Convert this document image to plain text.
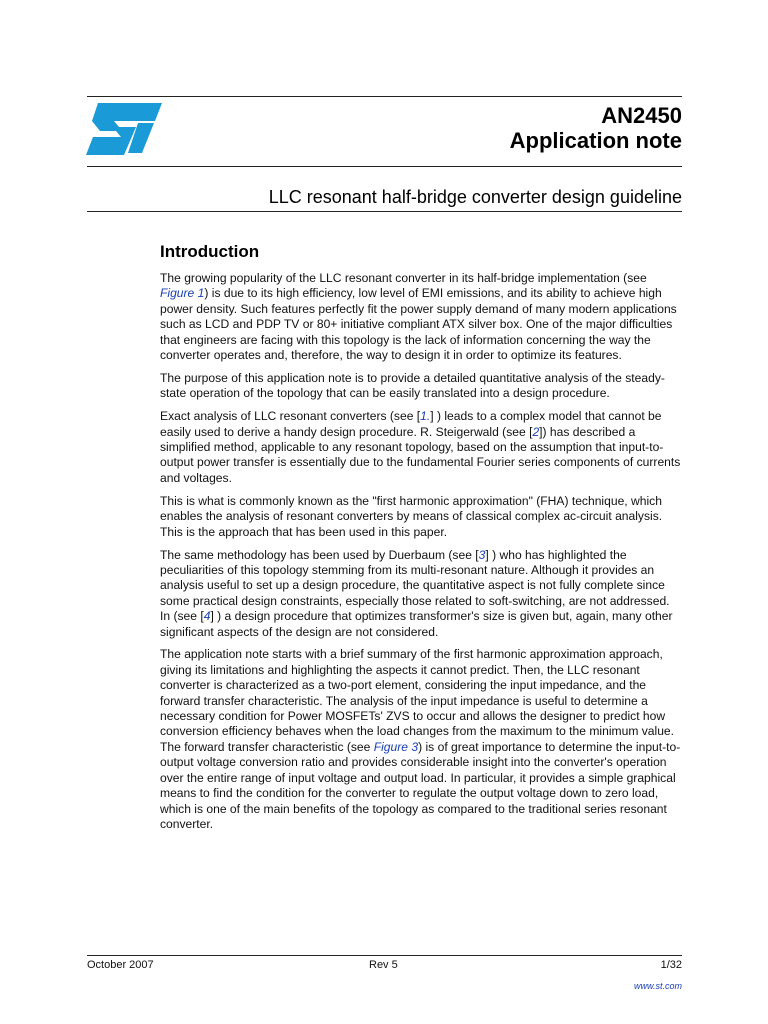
AN2450
Application note
LLC resonant half-bridge converter design guideline
Introduction

The growing popularity of the LLC resonant converter in its half-bridge implementation (see Figure 1) is due to its high efficiency, low level of EMI emissions, and its ability to achieve high power density. Such features perfectly fit the power supply demand of many modern applications such as LCD and PDP TV or 80+ initiative compliant ATX silver box. One of the major difficulties that engineers are facing with this topology is the lack of information concerning the way the converter operates and, therefore, the way to design it in order to optimize its features.

The purpose of this application note is to provide a detailed quantitative analysis of the steady-state operation of the topology that can be easily translated into a design procedure.

Exact analysis of LLC resonant converters (see [1.] ) leads to a complex model that cannot be easily used to derive a handy design procedure. R. Steigerwald (see [2]) has described a simplified method, applicable to any resonant topology, based on the assumption that input-to-output power transfer is essentially due to the fundamental Fourier series components of currents and voltages.

This is what is commonly known as the "first harmonic approximation" (FHA) technique, which enables the analysis of resonant converters by means of classical complex ac-circuit analysis. This is the approach that has been used in this paper.

The same methodology has been used by Duerbaum (see [3] ) who has highlighted the peculiarities of this topology stemming from its multi-resonant nature. Although it provides an analysis useful to set up a design procedure, the quantitative aspect is not fully complete since some practical design constraints, especially those related to soft-switching, are not addressed. In (see [4] ) a design procedure that optimizes transformer's size is given but, again, many other significant aspects of the design are not considered.

The application note starts with a brief summary of the first harmonic approximation approach, giving its limitations and highlighting the aspects it cannot predict. Then, the LLC resonant converter is characterized as a two-port element, considering the input impedance, and the forward transfer characteristic. The analysis of the input impedance is useful to determine a necessary condition for Power MOSFETs' ZVS to occur and allows the designer to predict how conversion efficiency behaves when the load changes from the maximum to the minimum value. The forward transfer characteristic (see Figure 3) is of great importance to determine the input-to-output voltage conversion ratio and provides considerable insight into the converter's operation over the entire range of input voltage and output load. In particular, it provides a simple graphical means to find the condition for the converter to regulate the output voltage down to zero load, which is one of the main benefits of the topology as compared to the traditional series resonant converter.

October 2007	Rev 5	1/32
www.st.com
